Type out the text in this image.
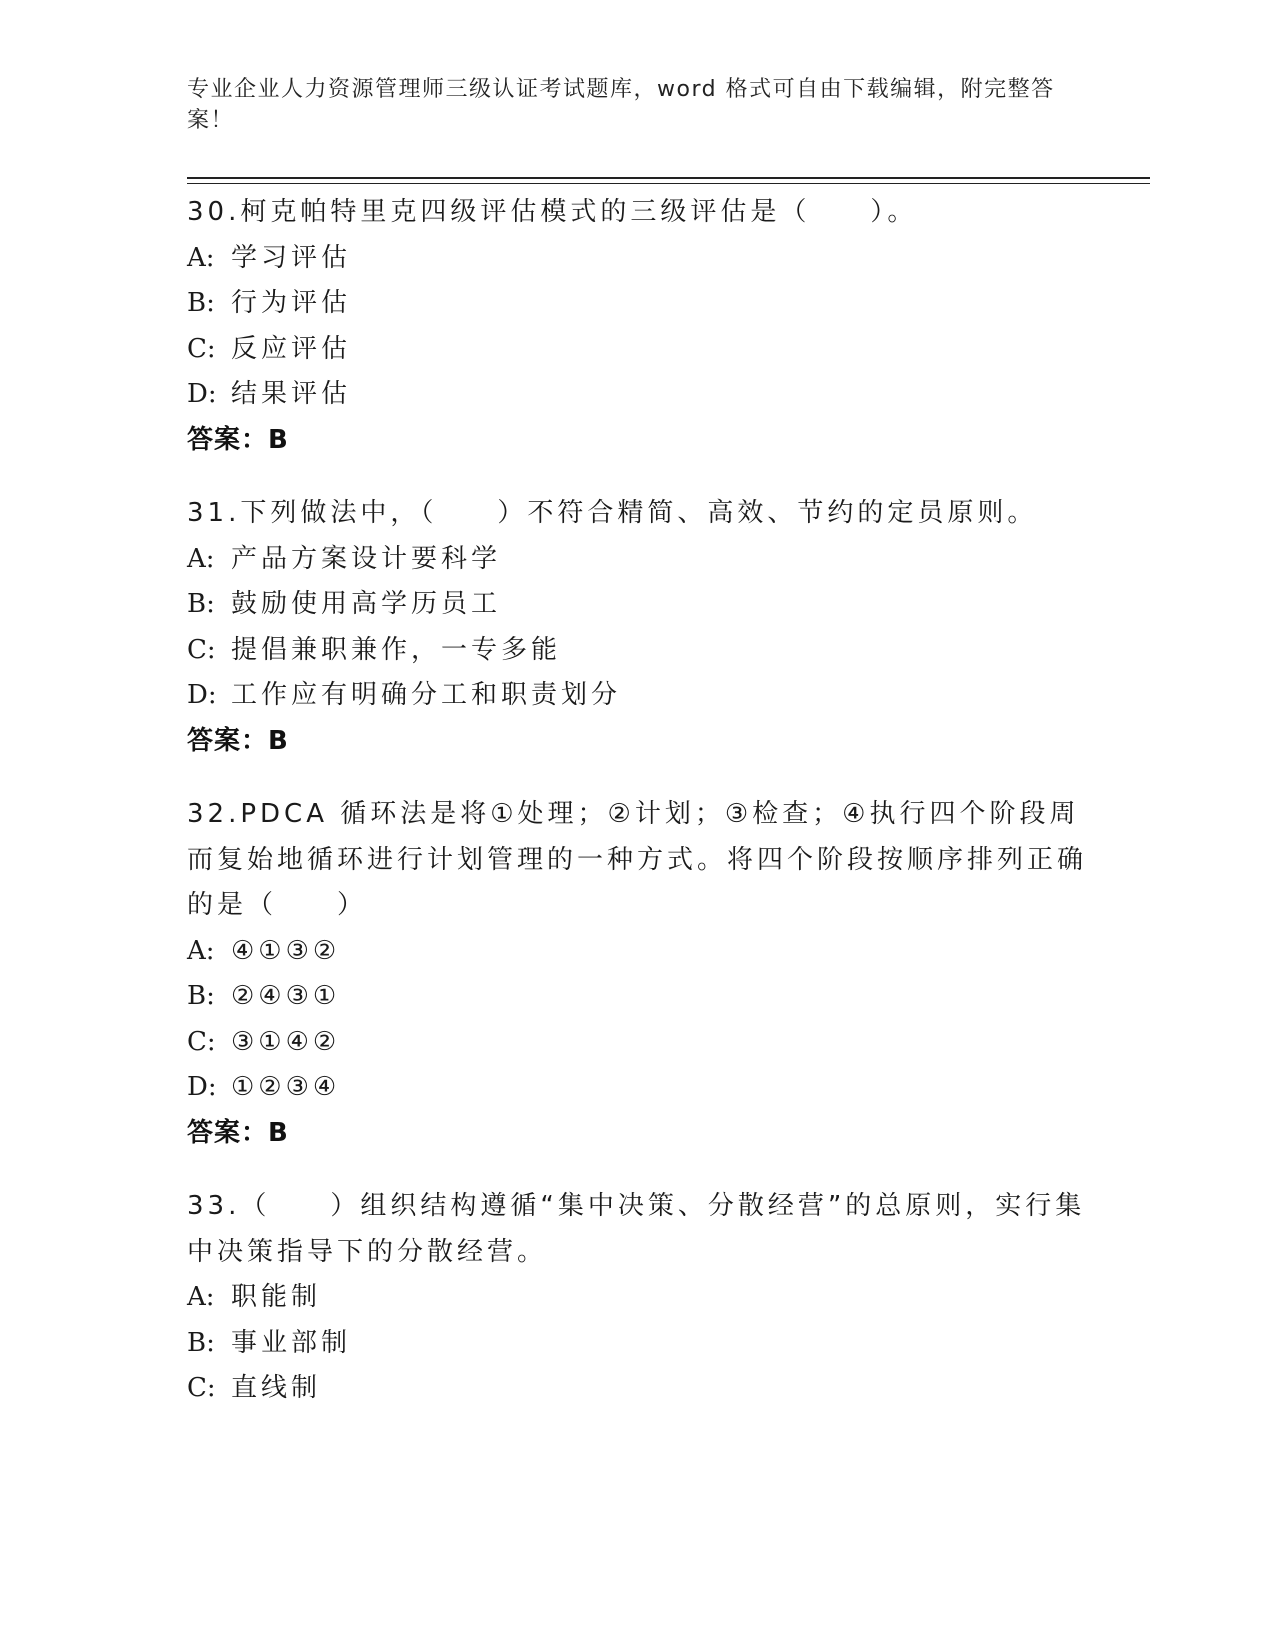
专业企业人力资源管理师三级认证考试题库，word 格式可自由下载编辑，附完整答案！
30.柯克帕特里克四级评估模式的三级评估是（　　）。
A: 学习评估
B: 行为评估
C: 反应评估
D: 结果评估
答案：B
31.下列做法中，（　　）不符合精简、高效、节约的定员原则。
A: 产品方案设计要科学
B: 鼓励使用高学历员工
C: 提倡兼职兼作，一专多能
D: 工作应有明确分工和职责划分
答案：B
32.PDCA 循环法是将①处理；②计划；③检查；④执行四个阶段周而复始地循环进行计划管理的一种方式。将四个阶段按顺序排列正确的是（　　）
A: ④①③②
B: ②④③①
C: ③①④②
D: ①②③④
答案：B
33.（　　）组织结构遵循“集中决策、分散经营”的总原则，实行集中决策指导下的分散经营。
A: 职能制
B: 事业部制
C: 直线制
